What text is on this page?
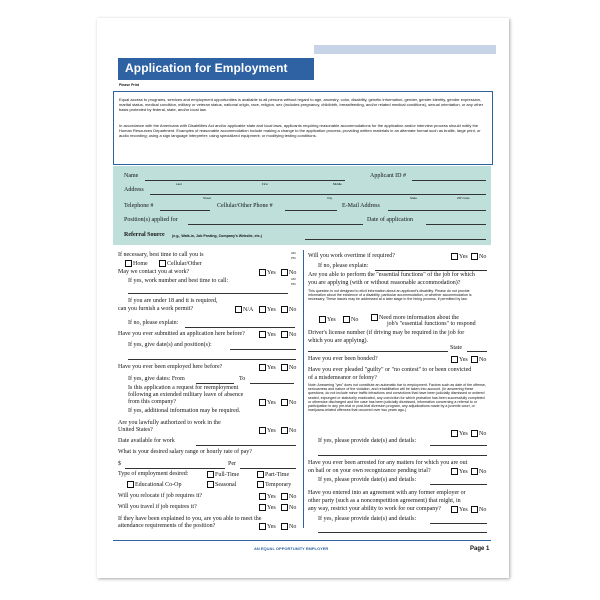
Application for Employment
Please Print

Equal access to programs, services and employment opportunities is available to all persons without regard to age, ancestry, color, disability, genetic information, gender, gender identity, gender expression, marital status, medical condition, military or veteran status, national origin, race, religion, sex (includes pregnancy, childbirth, breastfeeding, and/or related medical conditions), sexual orientation, or any other basis protected by federal, state, and/or local law.

In accordance with the Americans with Disabilities Act and/or applicable state and local laws, applicants requiring reasonable accommodations for the application and/or interview process should notify the Human Resources Department. Examples of reasonable accommodation include making a change to the application process; providing written materials in an alternate format such as braille, large print, or audio recording; using a sign language interpreter; using specialized equipment; or modifying testing conditions.

Name
Last	First	Middle
Applicant ID #
Address
Street	City	State	ZIP Code
Telephone #	Cellular/Other Phone #	E-Mail Address
Position(s) applied for	Date of application
Referral Source (e.g., Walk-in, Job Posting, Company's Website, etc.)
If necessary, best time to call you is	AM
PM
Home	Cellular/Other
May we contact you at work?	Yes	No
If yes, work number and best time to call:	AM
PM
If you are under 18 and it is required,
can you furnish a work permit?	N/A	Yes	No
If no, please explain:
Have you ever submitted an application here before?	Yes	No
If yes, give date(s) and position(s):
Have you ever been employed here before?	Yes	No
If yes, give dates: From	To
Is this application a request for reemployment
following an extended military leave of absence
from this company?	Yes	No
If yes, additional information may be required.
Are you lawfully authorized to work in the
United States?	Yes	No
Date available for work
What is your desired salary range or hourly rate of pay?
$	Per
Type of employment desired:	Full-Time	Part-Time
Educational Co-Op	Seasonal	Temporary
Will you relocate if job requires it?	Yes	No
Will you travel if job requires it?	Yes	No
If they have been explained to you, are you able to meet the
attendance requirements of the position?	Yes	No
Will you work overtime if required?	Yes	No
If no, please explain:
Are you able to perform the "essential functions" of the job for which
you are applying (with or without reasonable accommodation)?
This question is not designed to elicit information about an applicant's disability. Please do not provide information about the existence of a disability, particular accommodation, or whether accommodation is necessary. These issues may be addressed at a later stage in the hiring process, if permitted by law.
Yes	No	Need more information about the
job's "essential functions" to respond
Driver's license number (if driving may be required in the job for
which you are applying).
State
Have you ever been bonded?	Yes	No
Have you ever pleaded "guilty" or "no contest" to or been convicted
of a misdemeanor or felony?
Note: Answering "yes" does not constitute an automatic bar to employment. Factors such as date of the offense, seriousness and nature of the violation, and rehabilitation will be taken into account. (In answering these questions, do not include minor traffic infractions and convictions that have been judicially dismissed or ordered sealed, expunged or statutorily eradicated, any conviction for which probation has been successfully completed or otherwise discharged and the case has been judicially dismissed, information concerning a referral to or participation in any pre-trial or post-trial diversion program, any adjudications made by a juvenile court, or marijuana-related offenses that occurred over two years ago.)
Yes	No
If yes, please provide date(s) and details:
Have you ever been arrested for any matters for which you are out
on bail or on your own recognizance pending trial?	Yes	No
If yes, please provide date(s) and details:
Have you entered into an agreement with any former employer or
other party (such as a noncompetition agreement) that might, in
any way, restrict your ability to work for our company?	Yes	No
If yes, please provide date(s) and details:
AN EQUAL OPPORTUNITY EMPLOYER	Page 1
